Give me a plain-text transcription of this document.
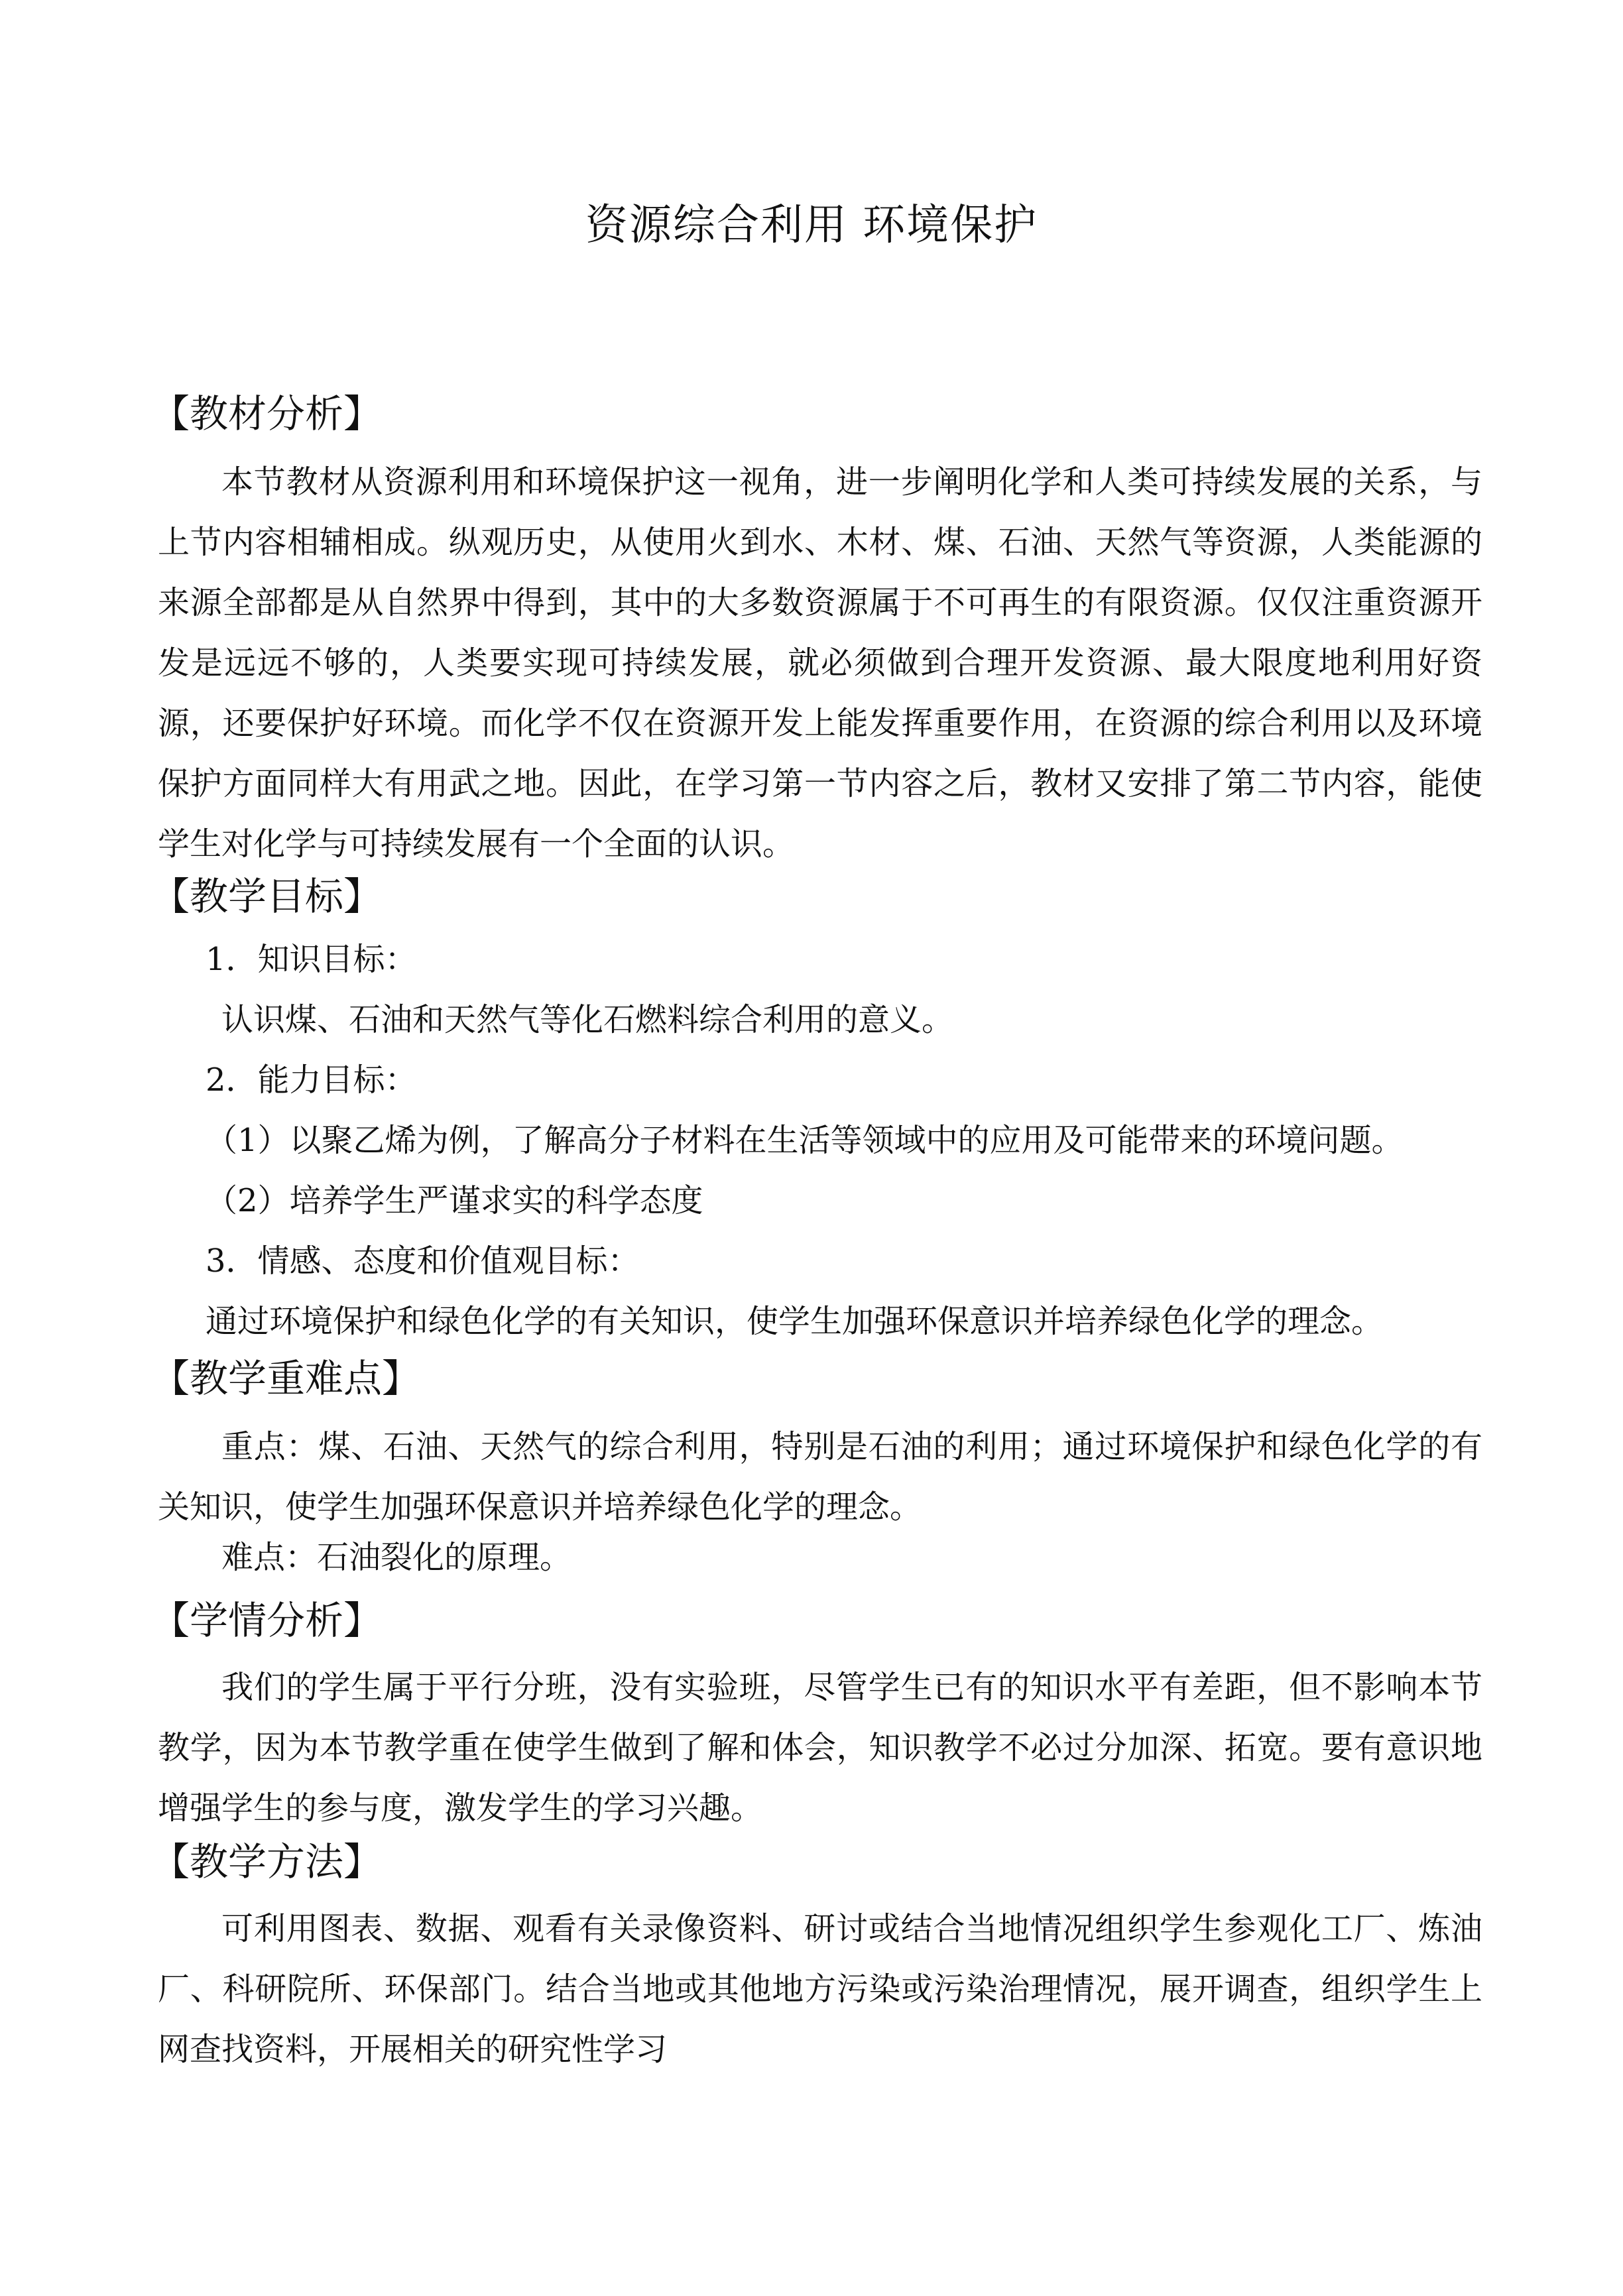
资源综合利用 环境保护
【教材分析】
本节教材从资源利用和环境保护这一视角，进一步阐明化学和人类可持续发展的关系，与上节内容相辅相成。纵观历史，从使用火到水、木材、煤、石油、天然气等资源，人类能源的来源全部都是从自然界中得到，其中的大多数资源属于不可再生的有限资源。仅仅注重资源开发是远远不够的，人类要实现可持续发展，就必须做到合理开发资源、最大限度地利用好资源，还要保护好环境。而化学不仅在资源开发上能发挥重要作用，在资源的综合利用以及环境保护方面同样大有用武之地。因此，在学习第一节内容之后，教材又安排了第二节内容，能使学生对化学与可持续发展有一个全面的认识。
【教学目标】
1．知识目标：
认识煤、石油和天然气等化石燃料综合利用的意义。
2．能力目标：
（1）以聚乙烯为例，了解高分子材料在生活等领域中的应用及可能带来的环境问题。
（2）培养学生严谨求实的科学态度
3．情感、态度和价值观目标：
通过环境保护和绿色化学的有关知识，使学生加强环保意识并培养绿色化学的理念。
【教学重难点】
重点：煤、石油、天然气的综合利用，特别是石油的利用；通过环境保护和绿色化学的有关知识，使学生加强环保意识并培养绿色化学的理念。
难点：石油裂化的原理。
【学情分析】
我们的学生属于平行分班，没有实验班，尽管学生已有的知识水平有差距，但不影响本节教学，因为本节教学重在使学生做到了解和体会，知识教学不必过分加深、拓宽。要有意识地增强学生的参与度，激发学生的学习兴趣。
【教学方法】
可利用图表、数据、观看有关录像资料、研讨或结合当地情况组织学生参观化工厂、炼油厂、科研院所、环保部门。结合当地或其他地方污染或污染治理情况，展开调查，组织学生上网查找资料，开展相关的研究性学习
